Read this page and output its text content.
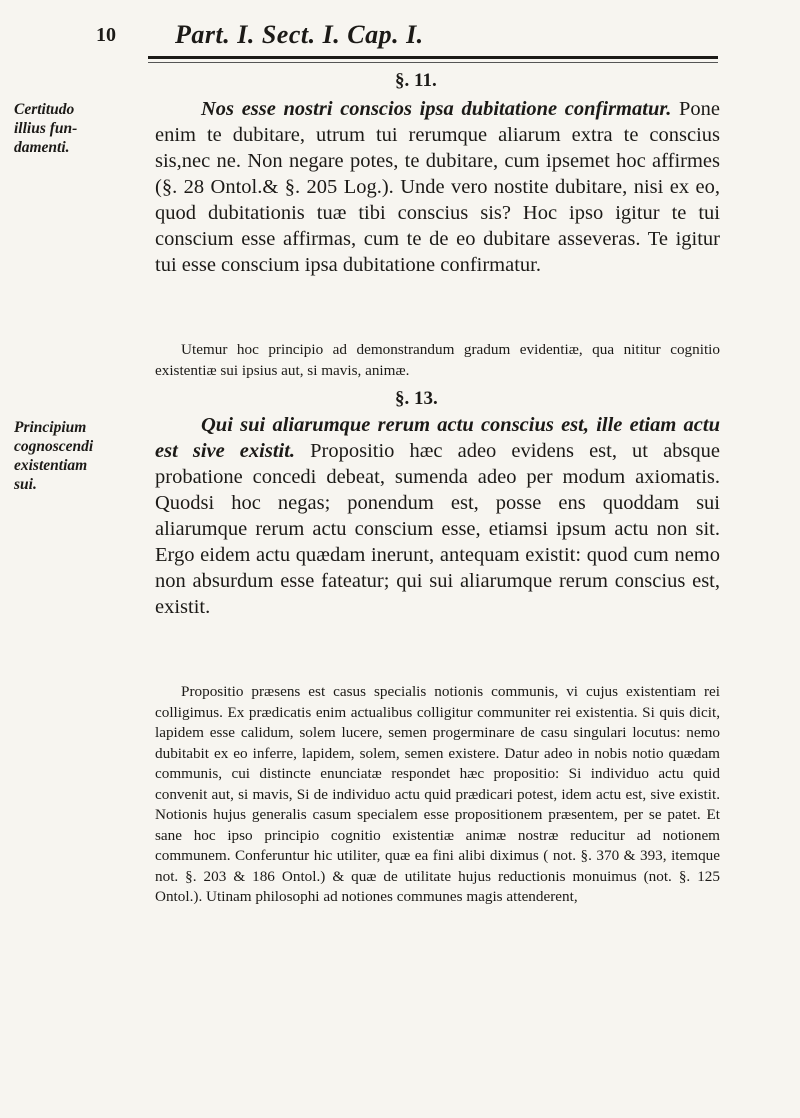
10 Part. I. Sect. I. Cap. I.
§. 11.
Certitudo
illius fun-
damenti.
Nos esse nostri conscios ipsa dubitatione confirmatur. Pone enim te dubitare, utrum tui rerumque aliarum extra te conscius sis,nec ne. Non negare potes, te dubitare, cum ipsemet hoc affirmes (§. 28 Ontol.& §. 205 Log.). Unde vero nostite dubitare, nisi ex eo, quod dubitationis tuæ tibi conscius sis? Hoc ipso igitur te tui conscium esse affirmas, cum te de eo dubitare asseveras. Te igitur tui esse conscium ipsa dubitatione confirmatur.
Utemur hoc principio ad demonstrandum gradum evidentiæ, qua nititur cognitio existentiæ sui ipsius aut, si mavis, animæ.
§. 13.
Principium
cognoscendi
existentiam
sui.
Qui sui aliarumque rerum actu conscius est, ille etiam actu est sive existit. Propositio hæc adeo evidens est, ut absque probatione concedi debeat, sumenda adeo per modum axiomatis. Quodsi hoc negas; ponendum est, posse ens quoddam sui aliarumque rerum actu conscium esse, etiamsi ipsum actu non sit. Ergo eidem actu quædam inerunt, antequam existit: quod cum nemo non absurdum esse fateatur; qui sui aliarumque rerum conscius est, existit.
Propositio præsens est casus specialis notionis communis, vi cujus existentiam rei colligimus. Ex prædicatis enim actualibus colligitur communiter rei existentia. Si quis dicit, lapidem esse calidum, solem lucere, semen progerminare de casu singulari locutus: nemo dubitabit ex eo inferre, lapidem, solem, semen existere. Datur adeo in nobis notio quædam communis, cui distincte enunciatæ respondet hæc propositio: Si individuo actu quid convenit aut, si mavis, Si de individuo actu quid prædicari potest, idem actu est, sive existit. Notionis hujus generalis casum specialem esse propositionem præsentem, per se patet. Et sane hoc ipso principio cognitio existentiæ animæ nostræ reducitur ad notionem communem. Conferuntur hic utiliter, quæ ea fini alibi diximus ( not. §. 370 & 393, itemque not. §. 203 & 186 Ontol.) & quæ de utilitate hujus reductionis monuimus (not. §. 125 Ontol.). Utinam philosophi ad notiones communes magis attenderent,
